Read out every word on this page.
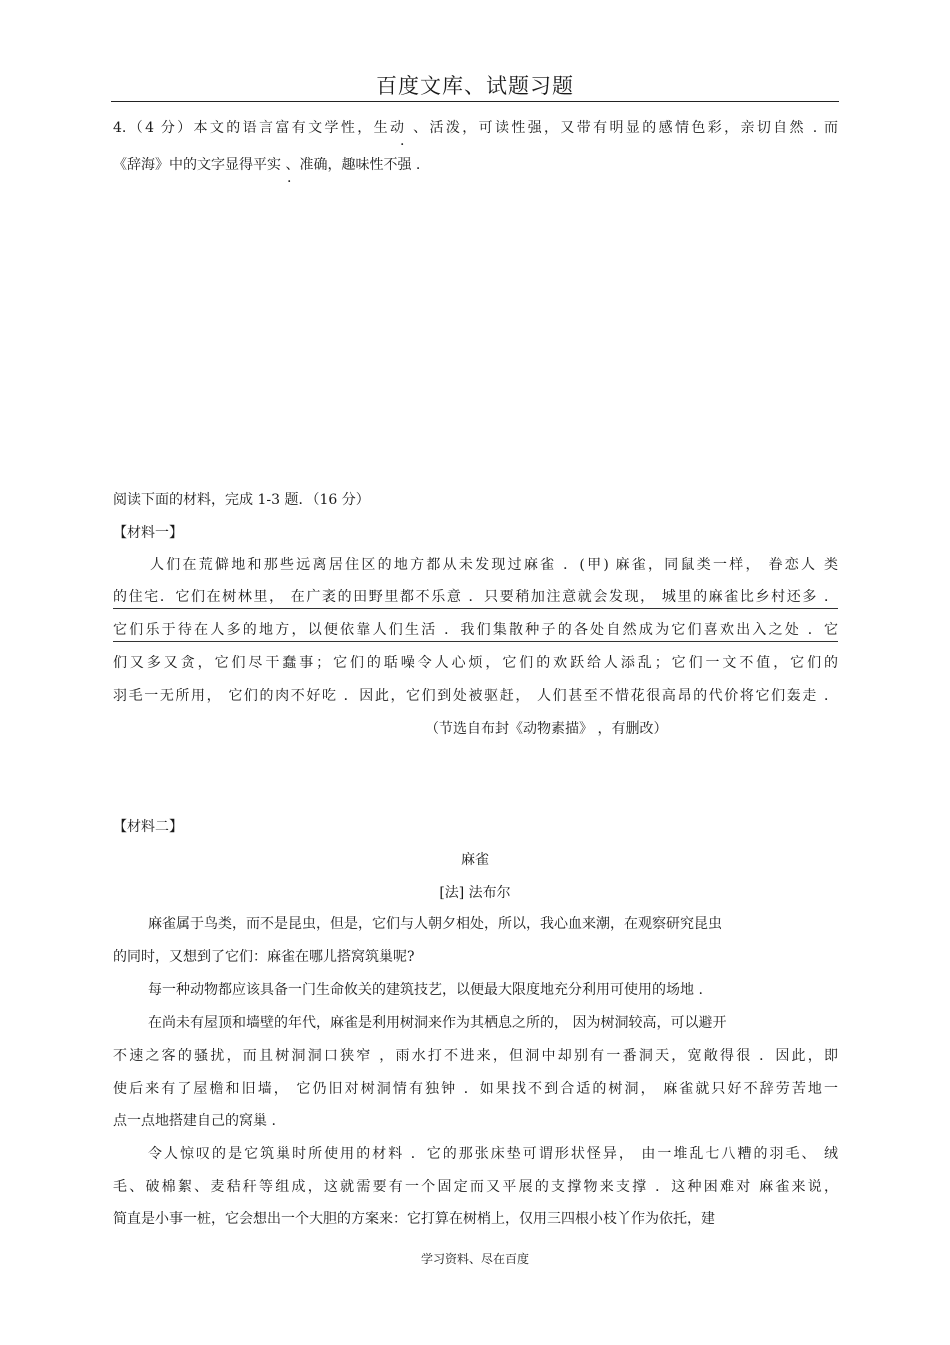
百度文库、试题习题
4.（4 分）本文的语言富有文学性，生动 、活泼，可读性强，又带有明显的感情色彩，亲切自然 . 而
·
《辞海》中的文字显得平实 、准确，趣味性不强 .
·
阅读下面的材料，完成 1-3 题．（16 分）
【材料一】
人们在荒僻地和那些远离居住区的地方都从未发现过麻雀 ．(甲) 麻雀，同鼠类一样， 眷恋人 类
的住宅．它们在树林里， 在广袤的田野里都不乐意 ．只要稍加注意就会发现， 城里的麻雀比乡村还多 ．
它们乐于待在人多的地方，以便依靠人们生活 ．我们集散种子的各处自然成为它们喜欢出入之处 ．它
们又多又贪，它们尽干蠢事；它们的聒噪令人心烦，它们的欢跃给人添乱；它们一文不值，它们的
羽毛一无所用， 它们的肉不好吃 ．因此，它们到处被驱赶， 人们甚至不惜花很高昂的代价将它们轰走 ．
（节选自布封《动物素描》 ，有删改）
【材料二】
麻雀
[法] 法布尔
麻雀属于鸟类，而不是昆虫，但是，它们与人朝夕相处，所以，我心血来潮，在观察研究昆虫
的同时，又想到了它们：麻雀在哪儿搭窝筑巢呢?
每一种动物都应该具备一门生命攸关的建筑技艺，以便最大限度地充分利用可使用的场地 .
在尚未有屋顶和墙壁的年代，麻雀是利用树洞来作为其栖息之所的， 因为树洞较高，可以避开
不速之客的骚扰，而且树洞洞口狭窄 ，雨水打不进来，但洞中却别有一番洞天，宽敞得很 ．因此，即
使后来有了屋檐和旧墙， 它仍旧对树洞情有独钟 ．如果找不到合适的树洞， 麻雀就只好不辞劳苦地一
点一点地搭建自己的窝巢 .
令人惊叹的是它筑巢时所使用的材料 ．它的那张床垫可谓形状怪异， 由一堆乱七八糟的羽毛、 绒
毛、破棉絮、麦秸秆等组成，这就需要有一个固定而又平展的支撑物来支撑 ．这种困难对 麻雀来说，
简直是小事一桩，它会想出一个大胆的方案来：它打算在树梢上，仅用三四根小枝丫作为依托，建
学习资料、尽在百度
